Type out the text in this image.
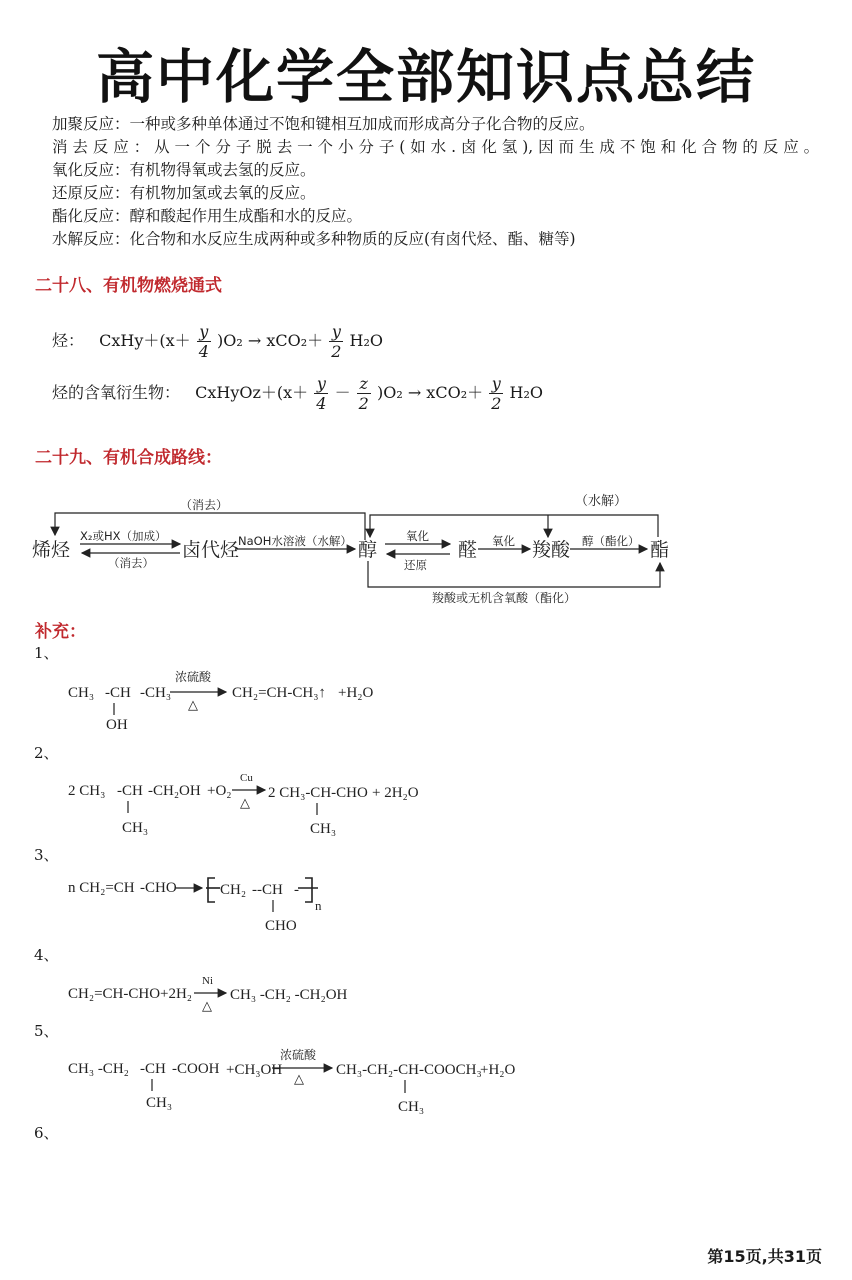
高中化学全部知识点总结
加聚反应：一种或多种单体通过不饱和键相互加成而形成高分子化合物的反应。
消 去 反 应 ： 从 一 个 分 子 脱 去 一 个 小 分 子 ( 如 水 . 卤 化 氢 ), 因 而 生 成 不 饱 和 化 合 物 的 反 应 。
氧化反应：有机物得氧或去氢的反应。
还原反应：有机物加氢或去氧的反应。
酯化反应：醇和酸起作用生成酯和水的反应。
水解反应：化合物和水反应生成两种或多种物质的反应(有卤代烃、酯、糖等)
二十八、有机物燃烧通式
烃： CxHy＋(x＋ $\frac{y}{4} )O_2 \to xCO_2+ \frac{y}{2} H_2O$
烃的含氧衍生物： CxHyOz＋(x＋ $\frac{y}{4} - \frac{z}{2} )O_2 \to xCO_2+ \frac{y}{2} H_2O$
二十九、有机合成路线：
烯烃	卤代烃	醇	醛	羧酸	酯
X₂或HX（加成）
（消去）
（消去）
NaOH水溶液（水解）	氧化
还原
氧化	醇（酯化）
（水解）
羧酸或无机含氧酸（酯化）
补充：
1、
2、
3、
4、
5、
6、
CH₃ -CH -CH₃
OH
浓硫酸
△
CH₂=CH-CH₃↑ +H₂O
2 CH₃ -CH -CH₂OH +O₂
CH₃
Cu
△
2 CH₃-CH-CHO + 2H₂O
CH₃
n CH₂=CH -CHO	CH₂ --CH -
n
CHO
CH₂=CH-CHO +2H₂
Ni
△
CH₃ -CH₂ -CH₂OH
CH₃ -CH₂ -CH -COOH +CH₃OH
CH₃
浓硫酸
△
CH₃-CH₂-CH-COOCH₃
+H₂O
CH₃
第15页,共31页
